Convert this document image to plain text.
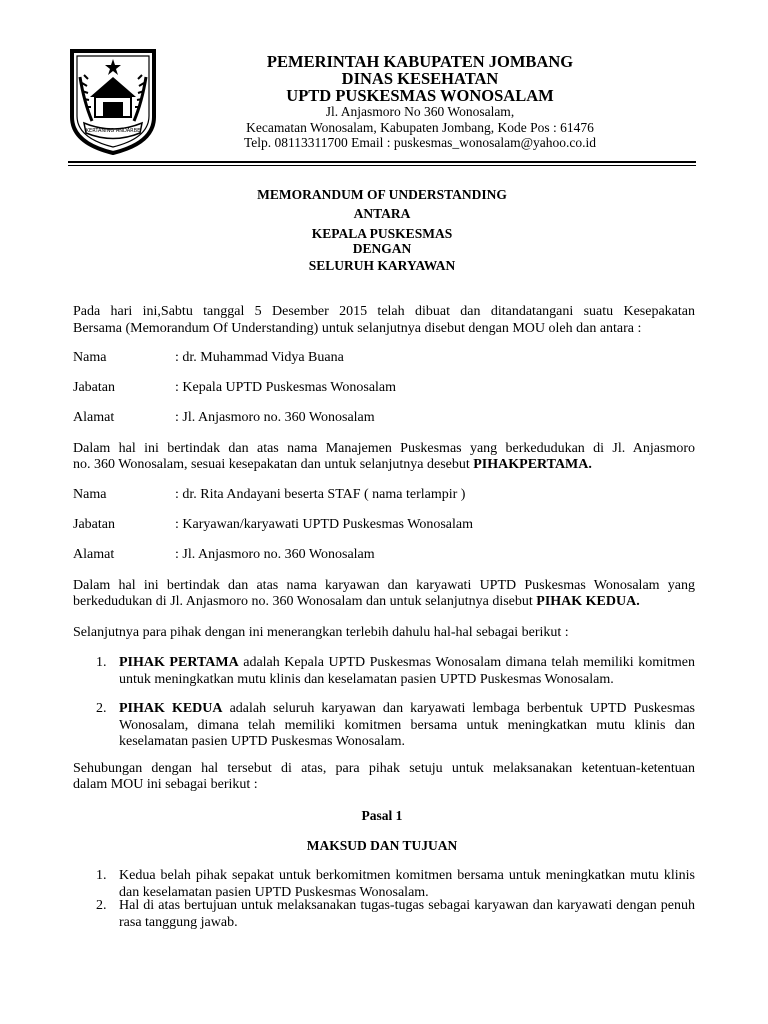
KERTANING ANDARBE
PEMERINTAH KABUPATEN JOMBANG
DINAS KESEHATAN
UPTD PUSKESMAS WONOSALAM
Jl. Anjasmoro No 360 Wonosalam,
Kecamatan Wonosalam, Kabupaten Jombang, Kode Pos : 61476
Telp. 08113311700 Email : puskesmas_wonosalam@yahoo.co.id
MEMORANDUM OF UNDERSTANDING
ANTARA
KEPALA PUSKESMAS
DENGAN
SELURUH KARYAWAN
Pada hari ini,Sabtu tanggal 5 Desember 2015 telah dibuat dan ditandatangani suatu Kesepakatan
Bersama (Memorandum Of Understanding) untuk selanjutnya disebut dengan MOU oleh dan antara :
Nama	: dr. Muhammad Vidya Buana
Jabatan	: Kepala UPTD Puskesmas Wonosalam
Alamat	: Jl. Anjasmoro no. 360 Wonosalam
Dalam hal ini bertindak dan atas nama Manajemen Puskesmas yang berkedudukan di Jl. Anjasmoro
no. 360 Wonosalam, sesuai kesepakatan dan untuk selanjutnya desebut PIHAKPERTAMA.
Nama	: dr. Rita Andayani beserta STAF ( nama terlampir )
Jabatan	: Karyawan/karyawati UPTD Puskesmas Wonosalam
Alamat	: Jl. Anjasmoro no. 360 Wonosalam
Dalam hal ini bertindak dan atas nama karyawan dan karyawati UPTD Puskesmas Wonosalam yang
berkedudukan di Jl. Anjasmoro no. 360 Wonosalam dan untuk selanjutnya disebut PIHAK KEDUA.
Selanjutnya para pihak dengan ini menerangkan terlebih dahulu hal-hal sebagai berikut :
1. PIHAK PERTAMA adalah Kepala UPTD Puskesmas Wonosalam dimana telah memiliki komitmen untuk meningkatkan mutu klinis dan keselamatan pasien UPTD Puskesmas Wonosalam.
2. PIHAK KEDUA adalah seluruh karyawan dan karyawati lembaga berbentuk UPTD Puskesmas Wonosalam, dimana telah memiliki komitmen bersama untuk meningkatkan mutu klinis dan keselamatan pasien UPTD Puskesmas Wonosalam.
Sehubungan dengan hal tersebut di atas, para pihak setuju untuk melaksanakan ketentuan-ketentuan
dalam MOU ini sebagai berikut :
Pasal 1
MAKSUD DAN TUJUAN
1. Kedua belah pihak sepakat untuk berkomitmen komitmen bersama untuk meningkatkan mutu klinis dan keselamatan pasien UPTD Puskesmas Wonosalam.
2. Hal di atas bertujuan untuk melaksanakan tugas-tugas sebagai karyawan dan karyawati dengan penuh rasa tanggung jawab.
